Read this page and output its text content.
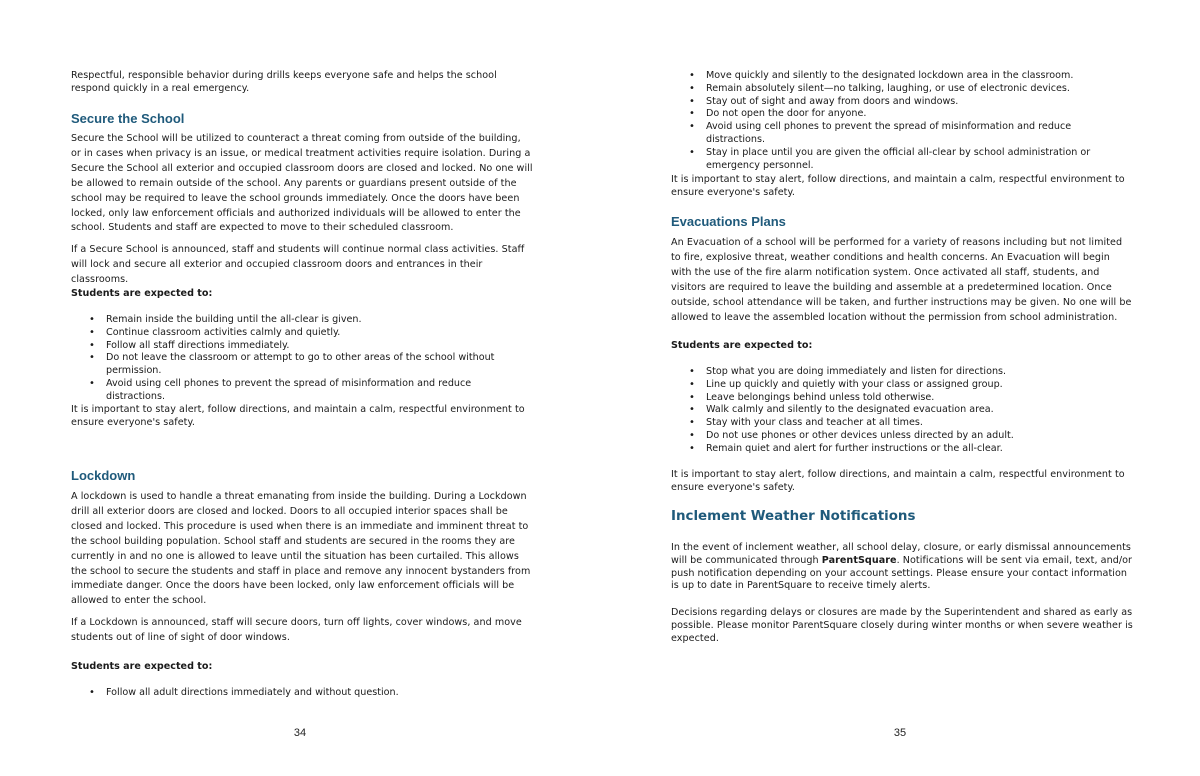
Respectful, responsible behavior during drills keeps everyone safe and helps the school respond quickly in a real emergency.

Secure the School

Secure the School will be utilized to counteract a threat coming from outside of the building, or in cases when privacy is an issue, or medical treatment activities require isolation. During a Secure the School all exterior and occupied classroom doors are closed and locked. No one will be allowed to remain outside of the school. Any parents or guardians present outside of the school may be required to leave the school grounds immediately. Once the doors have been locked, only law enforcement officials and authorized individuals will be allowed to enter the school. Students and staff are expected to move to their scheduled classroom.

If a Secure School is announced, staff and students will continue normal class activities. Staff will lock and secure all exterior and occupied classroom doors and entrances in their classrooms.

Students are expected to:

• Remain inside the building until the all-clear is given.
• Continue classroom activities calmly and quietly.
• Follow all staff directions immediately.
• Do not leave the classroom or attempt to go to other areas of the school without permission.
• Avoid using cell phones to prevent the spread of misinformation and reduce distractions.

It is important to stay alert, follow directions, and maintain a calm, respectful environment to ensure everyone's safety.

Lockdown

A lockdown is used to handle a threat emanating from inside the building. During a Lockdown drill all exterior doors are closed and locked. Doors to all occupied interior spaces shall be closed and locked. This procedure is used when there is an immediate and imminent threat to the school building population. School staff and students are secured in the rooms they are currently in and no one is allowed to leave until the situation has been curtailed. This allows the school to secure the students and staff in place and remove any innocent bystanders from immediate danger. Once the doors have been locked, only law enforcement officials will be allowed to enter the school.

If a Lockdown is announced, staff will secure doors, turn off lights, cover windows, and move students out of line of sight of door windows.

Students are expected to:

• Follow all adult directions immediately and without question.
34
• Move quickly and silently to the designated lockdown area in the classroom.
• Remain absolutely silent—no talking, laughing, or use of electronic devices.
• Stay out of sight and away from doors and windows.
• Do not open the door for anyone.
• Avoid using cell phones to prevent the spread of misinformation and reduce distractions.
• Stay in place until you are given the official all-clear by school administration or emergency personnel.

It is important to stay alert, follow directions, and maintain a calm, respectful environment to ensure everyone's safety.

Evacuations Plans

An Evacuation of a school will be performed for a variety of reasons including but not limited to fire, explosive threat, weather conditions and health concerns. An Evacuation will begin with the use of the fire alarm notification system. Once activated all staff, students, and visitors are required to leave the building and assemble at a predetermined location. Once outside, school attendance will be taken, and further instructions may be given. No one will be allowed to leave the assembled location without the permission from school administration.

Students are expected to:

• Stop what you are doing immediately and listen for directions.
• Line up quickly and quietly with your class or assigned group.
• Leave belongings behind unless told otherwise.
• Walk calmly and silently to the designated evacuation area.
• Stay with your class and teacher at all times.
• Do not use phones or other devices unless directed by an adult.
• Remain quiet and alert for further instructions or the all-clear.

It is important to stay alert, follow directions, and maintain a calm, respectful environment to ensure everyone's safety.

Inclement Weather Notifications

In the event of inclement weather, all school delay, closure, or early dismissal announcements will be communicated through ParentSquare. Notifications will be sent via email, text, and/or push notification depending on your account settings. Please ensure your contact information is up to date in ParentSquare to receive timely alerts.

Decisions regarding delays or closures are made by the Superintendent and shared as early as possible. Please monitor ParentSquare closely during winter months or when severe weather is expected.

35
